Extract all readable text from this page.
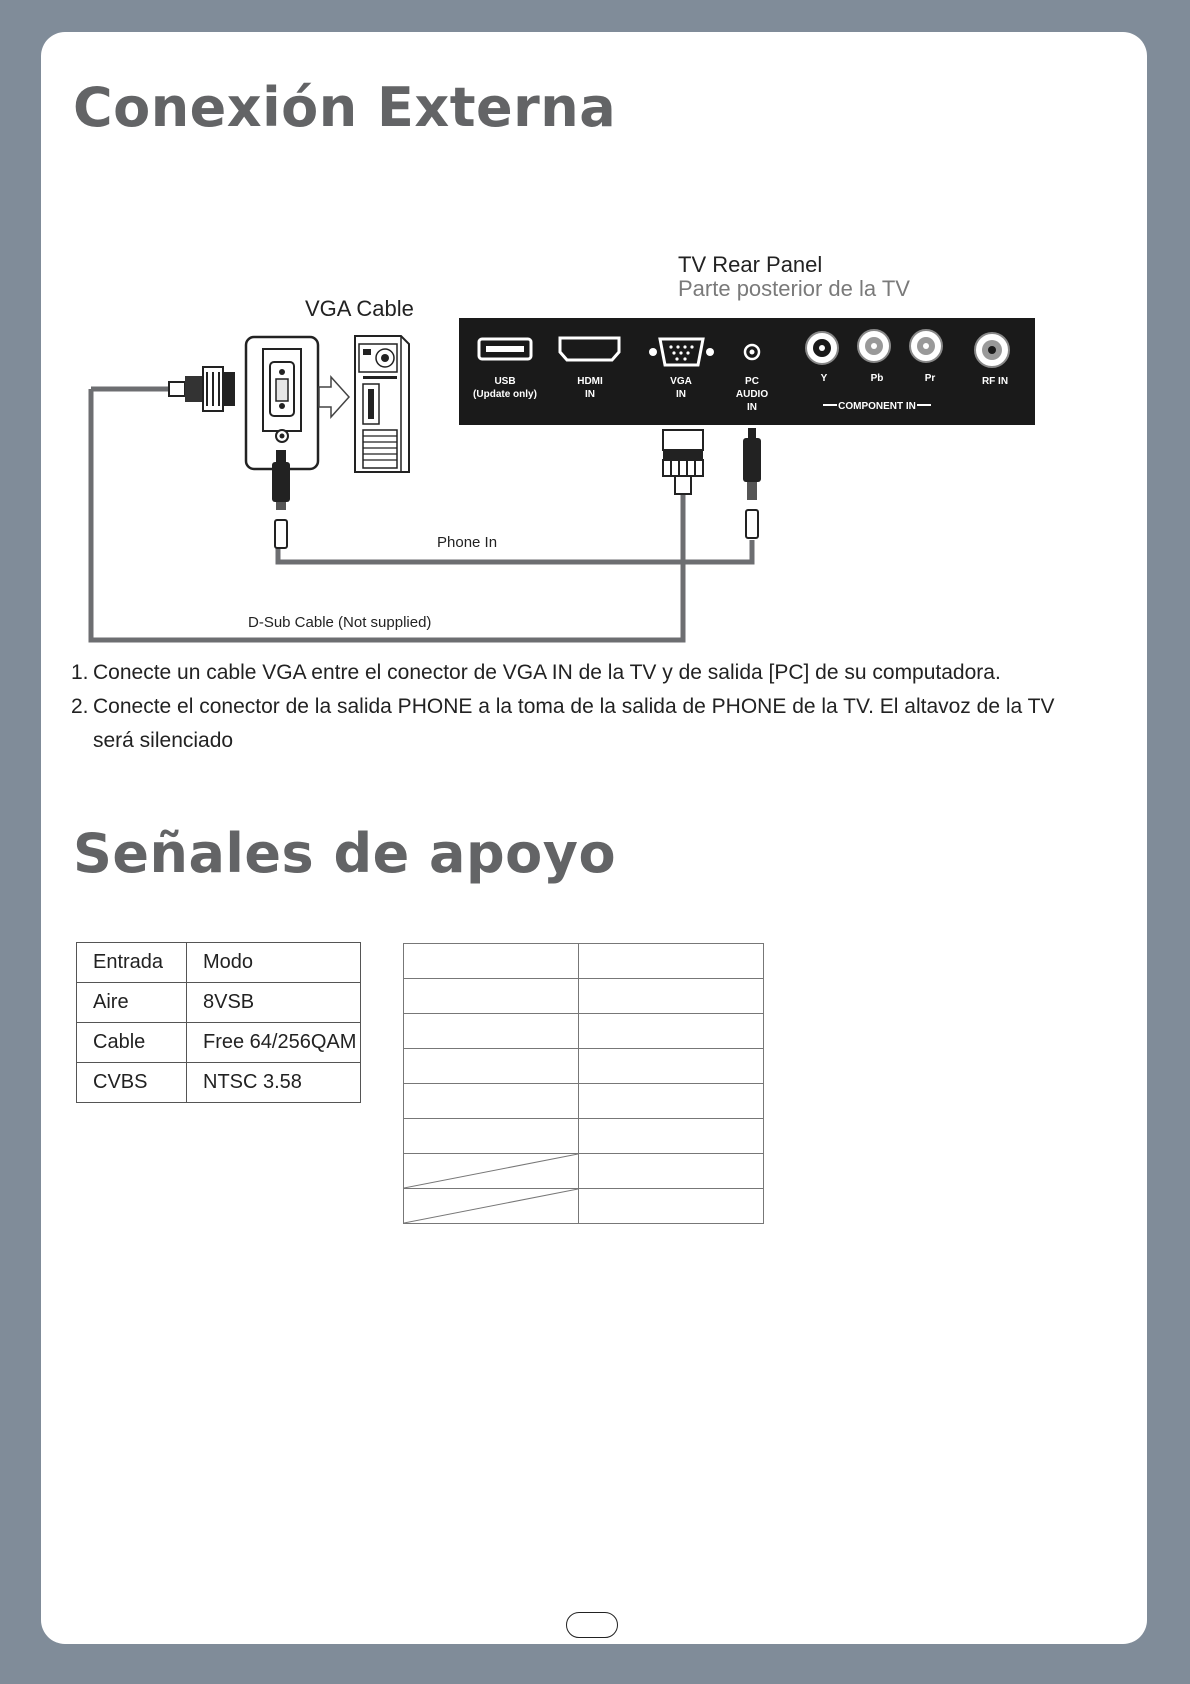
Conexión Externa
D-Sub Cable (Not supplied)
Phone In
VGA Cable
TV Rear Panel
Parte posterior de la TV
USB
(Update only)
HDMI
IN
VGA
IN
PC
AUDIO
IN
Y	Pb	Pr	RF IN
COMPONENT IN
1. Conecte un cable VGA entre el conector de VGA IN de la TV y de salida [PC] de su computadora.
2. Conecte el conector de la salida PHONE a la toma de la salida de PHONE de la TV. El altavoz de la TV será silenciado
Señales de apoyo
Entrada	Modo
Aire	8VSB
Cable	Free 64/256QAM
CVBS	NTSC 3.58
